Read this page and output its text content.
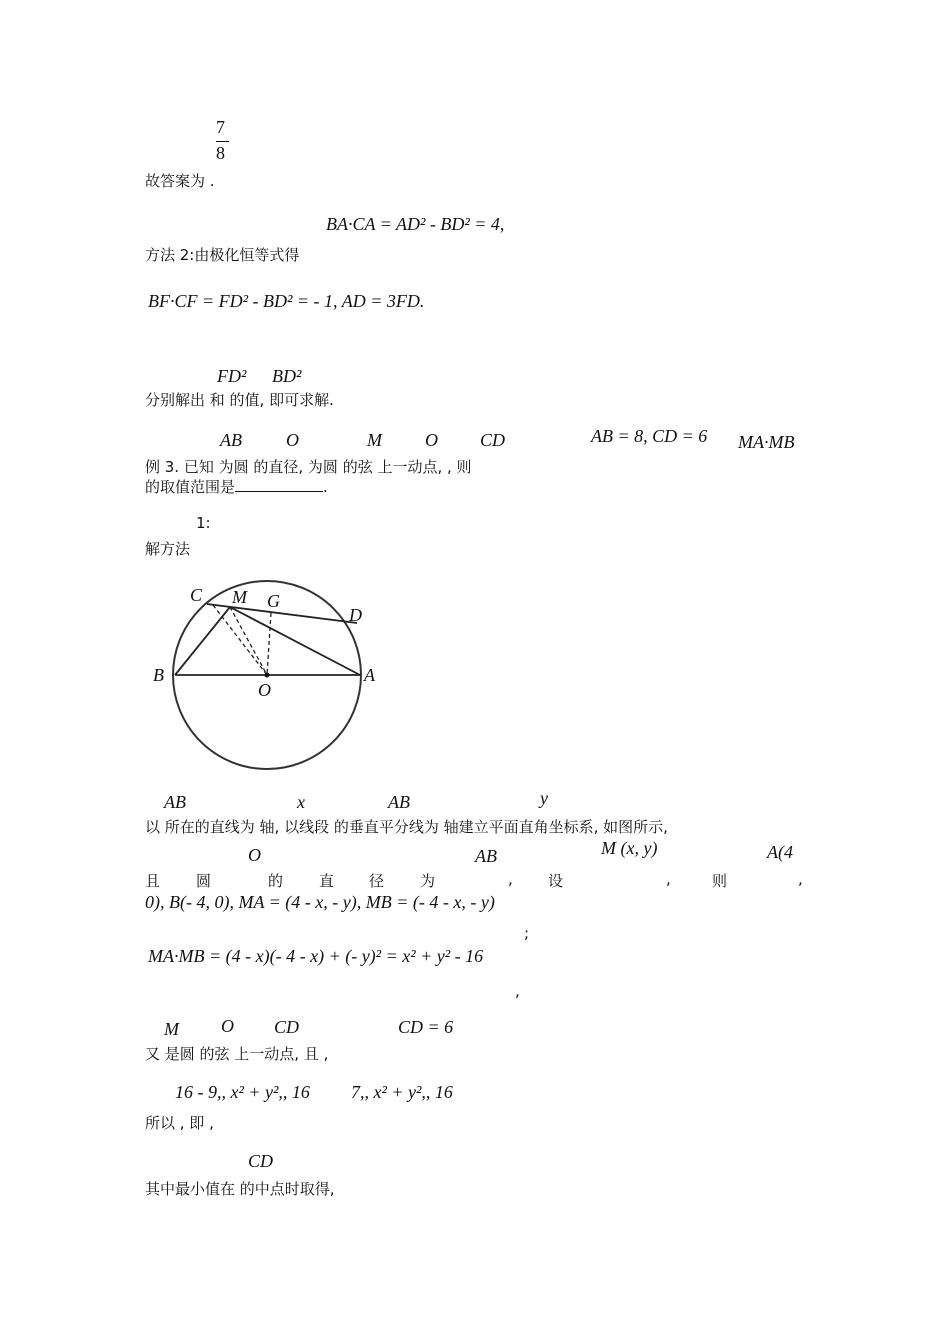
7
8
故答案为 .
BA·CA = AD² - BD² = 4,
方法 2:由极化恒等式得
BF·CF = FD² - BD² = - 1, AD = 3FD.
FD² BD²
分别解出 和 的值, 即可求解.
AB O	M O CD	AB = 8, CD = 6 MA·MB
例 3. 已知 为圆 的直径, 为圆 的弦 上一动点, , 则
的取值范围是	.
1:
解方法
C M G
D
B
O
A
AB	x	AB	y
以 所在的直线为 轴, 以线段 的垂直平分线为 轴建立平面直角坐标系, 如图所示,
O	AB	M (x, y)	A(4
且 圆	的 直 径 为	, 设	,	则	,
0), B(- 4, 0), MA = (4 - x, - y), MB = (- 4 - x, - y)
;
MA·MB = (4 - x)(- 4 - x) + (- y)² = x² + y² - 16
,
M O CD	CD = 6
又 是圆 的弦 上一动点, 且 ,
16 - 9,, x² + y²,, 16 7,, x² + y²,, 16
所以 , 即 ,
CD
其中最小值在 的中点时取得,
